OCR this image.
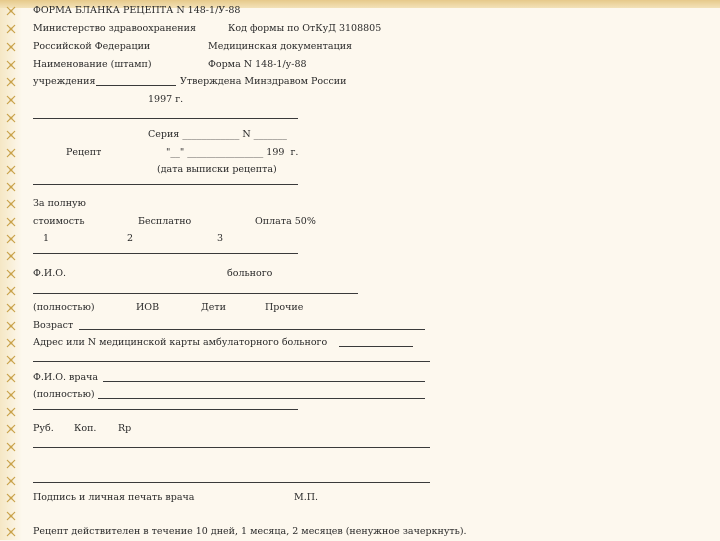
ФОРМА БЛАНКА РЕЦЕПТА N 148-1/У-88
Министерство здравоохранения	Код формы по ОтКуД 3108805
Российской Федерации	Медицинская документация
Наименование (штамп)	Форма N 148-1/у-88
учреждения	Утверждена Минздравом России
1997 г.
Серия ____________ N _______
Рецепт	"__" ________________ 199  г.
(дата выписки рецепта)
За полную
стоимость	Бесплатно	Оплата 50%
1	2	3
Ф.И.О.	больного
(полностью)	ИОВ	Дети	Прочие
Возраст
Адрес или N медицинской карты амбулаторного больного
Ф.И.О. врача
(полностью)
Руб. Коп. Rp
Подпись и личная печать врача	М.П.
Рецепт действителен в течение 10 дней, 1 месяца, 2 месяцев (ненужное зачеркнуть).
